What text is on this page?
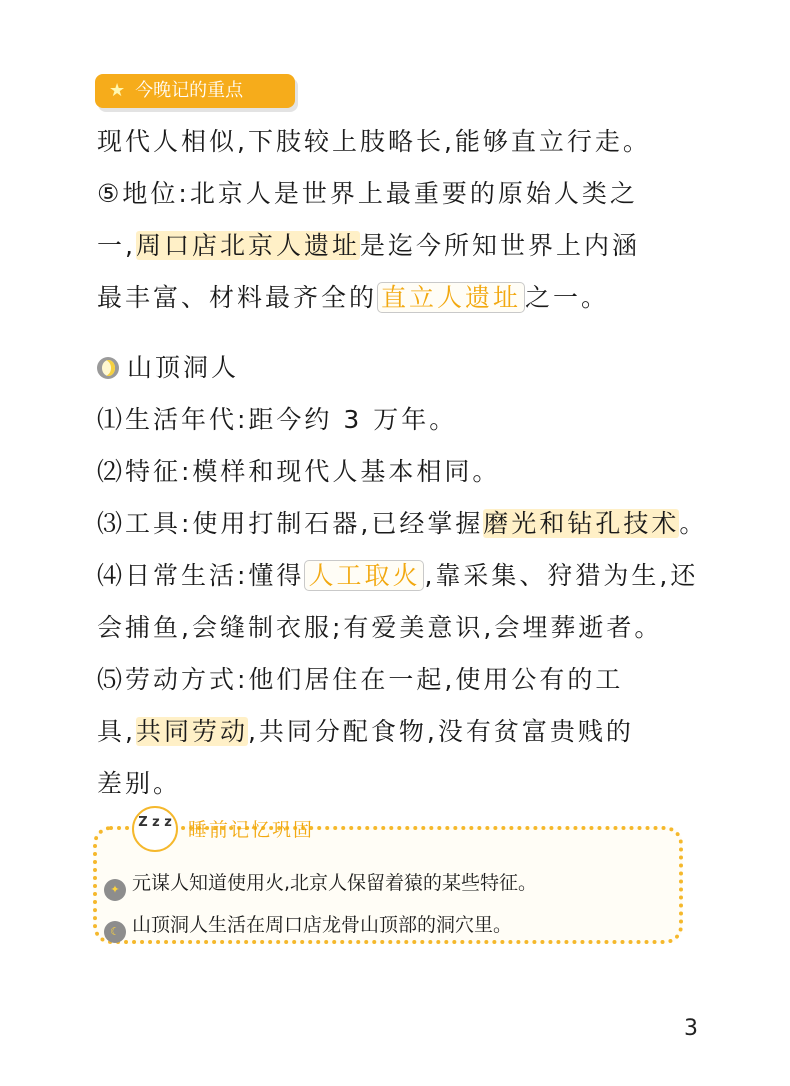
★ 今晚记的重点
现代人相似,下肢较上肢略长,能够直立行走。
⑤地位:北京人是世界上最重要的原始人类之
一,周口店北京人遗址是迄今所知世界上内涵
最丰富、材料最齐全的 直立人遗址 之一。
山顶洞人
⑴生活年代:距今约 3 万年。
⑵特征:模样和现代人基本相同。
⑶工具:使用打制石器,已经掌握磨光和钻孔技术。
⑷日常生活:懂得 人工取火 ,靠采集、狩猎为生,还
会捕鱼,会缝制衣服;有爱美意识,会埋葬逝者。
⑸劳动方式:他们居住在一起,使用公有的工
具,共同劳动,共同分配食物,没有贫富贵贱的
差别。
Z z z 睡前记忆巩固
✦ 元谋人知道使用火,北京人保留着猿的某些特征。
☾ 山顶洞人生活在周口店龙骨山顶部的洞穴里。
3
